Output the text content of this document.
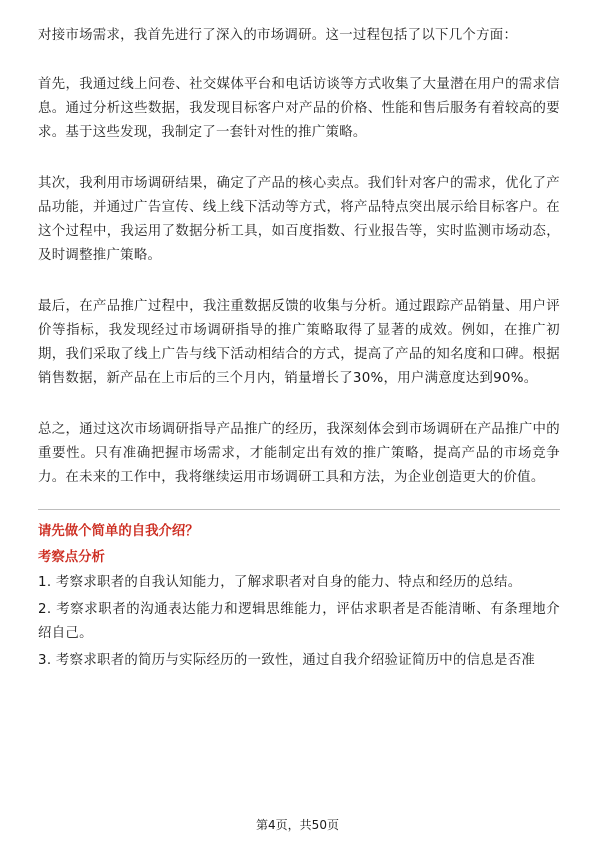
对接市场需求，我首先进行了深入的市场调研。这一过程包括了以下几个方面：

首先，我通过线上问卷、社交媒体平台和电话访谈等方式收集了大量潜在用户的需求信息。通过分析这些数据，我发现目标客户对产品的价格、性能和售后服务有着较高的要求。基于这些发现，我制定了一套针对性的推广策略。

其次，我利用市场调研结果，确定了产品的核心卖点。我们针对客户的需求，优化了产品功能，并通过广告宣传、线上线下活动等方式，将产品特点突出展示给目标客户。在这个过程中，我运用了数据分析工具，如百度指数、行业报告等，实时监测市场动态，及时调整推广策略。

最后，在产品推广过程中，我注重数据反馈的收集与分析。通过跟踪产品销量、用户评价等指标，我发现经过市场调研指导的推广策略取得了显著的成效。例如，在推广初期，我们采取了线上广告与线下活动相结合的方式，提高了产品的知名度和口碑。根据销售数据，新产品在上市后的三个月内，销量增长了30%，用户满意度达到90%。

总之，通过这次市场调研指导产品推广的经历，我深刻体会到市场调研在产品推广中的重要性。只有准确把握市场需求，才能制定出有效的推广策略，提高产品的市场竞争力。在未来的工作中，我将继续运用市场调研工具和方法，为企业创造更大的价值。

请先做个简单的自我介绍？
考察点分析
1. 考察求职者的自我认知能力，了解求职者对自身的能力、特点和经历的总结。
2. 考察求职者的沟通表达能力和逻辑思维能力，评估求职者是否能清晰、有条理地介绍自己。
3. 考察求职者的简历与实际经历的一致性，通过自我介绍验证简历中的信息是否准
第4页，共50页
